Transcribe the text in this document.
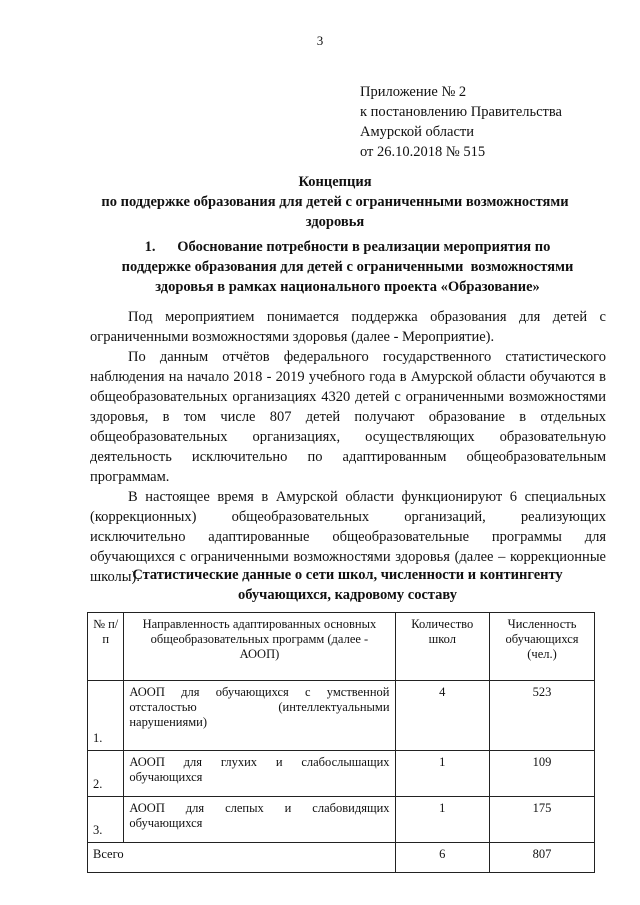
3
Приложение № 2
к постановлению Правительства
Амурской области
от 26.10.2018 № 515
Концепция
по поддержке образования для детей с ограниченными возможностями
здоровья
1.      Обоснование потребности в реализации мероприятия по
поддержке образования для детей с ограниченными  возможностями
здоровья в рамках национального проекта «Образование»

Под мероприятием понимается поддержка образования для детей с ограниченными возможностями здоровья (далее - Мероприятие).

По данным отчётов федерального государственного статистического наблюдения на начало 2018 - 2019 учебного года в Амурской области обучаются в общеобразовательных организациях 4320 детей с ограниченными возможностями здоровья, в том числе 807 детей получают образование в отдельных общеобразовательных организациях, осуществляющих образовательную деятельность исключительно по адаптированным общеобразовательным программам.

В настоящее время в Амурской области функционируют 6 специальных (коррекционных) общеобразовательных организаций, реализующих исключительно адаптированные общеобразовательные программы для обучающихся с ограниченными возможностями здоровья (далее – коррекционные школы).

Статистические данные о сети школ, численности и контингенту
обучающихся, кадровому составу
№ п/п	Направленность адаптированных основных общеобразовательных программ (далее - АООП)	Количество школ	Численность обучающихся (чел.)
1.	АООП для обучающихся с умственной отсталостью (интеллектуальными нарушениями)	4	523
2.	АООП для глухих и слабослышащих обучающихся	1	109
3.	АООП для слепых и слабовидящих обучающихся	1	175
Всего		6	807
